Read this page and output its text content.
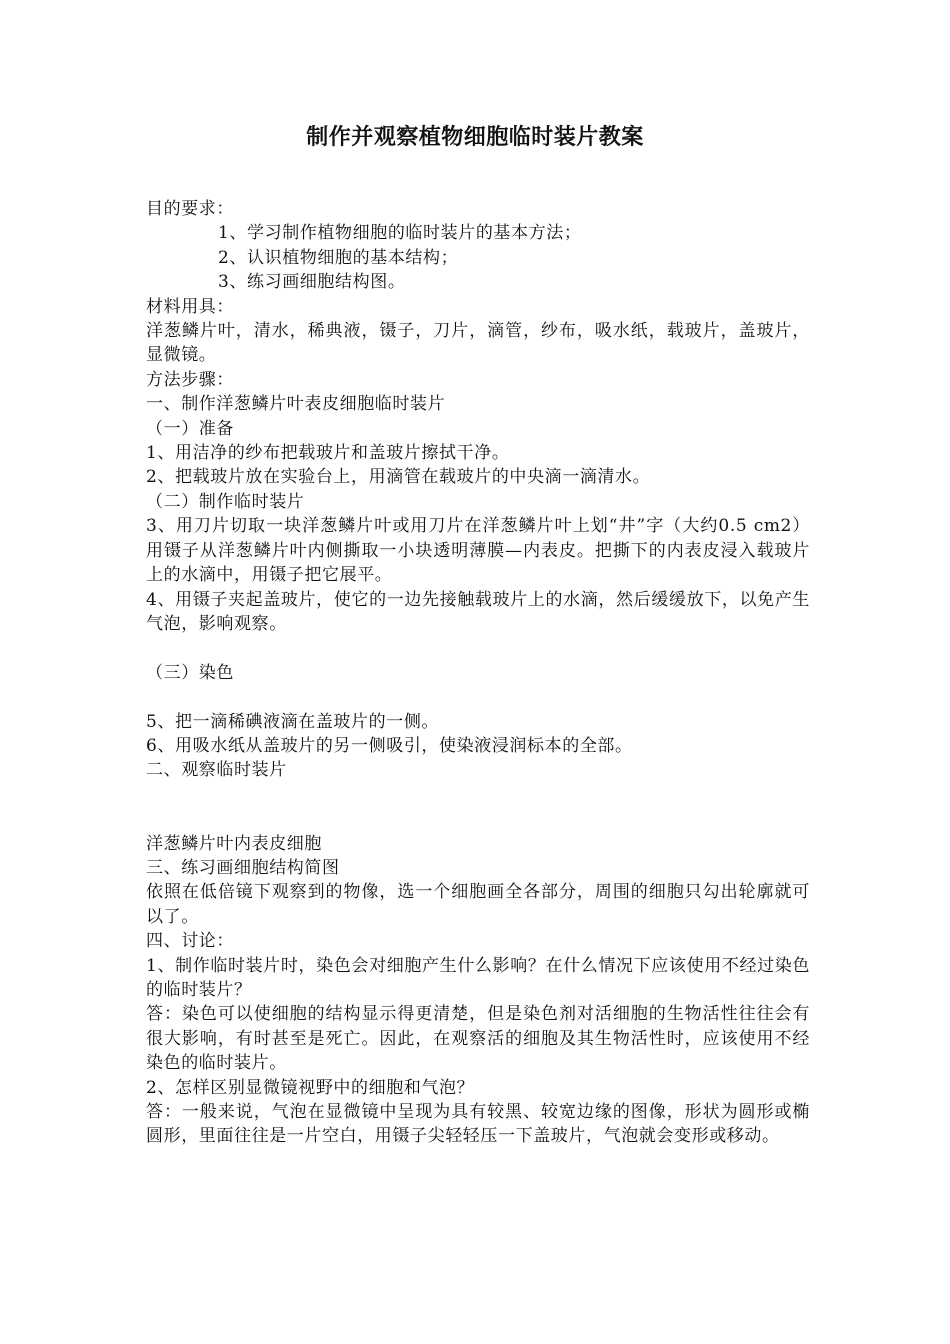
制作并观察植物细胞临时装片教案

目的要求：

1、学习制作植物细胞的临时装片的基本方法；

2、认识植物细胞的基本结构；

3、练习画细胞结构图。

材料用具：

洋葱鳞片叶，清水，稀典液，镊子，刀片，滴管，纱布，吸水纸，载玻片，盖玻片，显微镜。

方法步骤：

一、制作洋葱鳞片叶表皮细胞临时装片

（一）准备

1、用洁净的纱布把载玻片和盖玻片擦拭干净。

2、把载玻片放在实验台上，用滴管在载玻片的中央滴一滴清水。

（二）制作临时装片

3、用刀片切取一块洋葱鳞片叶或用刀片在洋葱鳞片叶上划“井”字（大约0.5 cm2）用镊子从洋葱鳞片叶内侧撕取一小块透明薄膜—内表皮。把撕下的内表皮浸入载玻片上的水滴中，用镊子把它展平。

4、用镊子夹起盖玻片，使它的一边先接触载玻片上的水滴，然后缓缓放下，以免产生气泡，影响观察。

（三）染色

5、把一滴稀碘液滴在盖玻片的一侧。

6、用吸水纸从盖玻片的另一侧吸引，使染液浸润标本的全部。

二、观察临时装片

洋葱鳞片叶内表皮细胞

三、练习画细胞结构简图

依照在低倍镜下观察到的物像，选一个细胞画全各部分，周围的细胞只勾出轮廓就可以了。

四、讨论：

1、制作临时装片时，染色会对细胞产生什么影响？在什么情况下应该使用不经过染色的临时装片？

答：染色可以使细胞的结构显示得更清楚，但是染色剂对活细胞的生物活性往往会有很大影响，有时甚至是死亡。因此，在观察活的细胞及其生物活性时，应该使用不经染色的临时装片。

2、怎样区别显微镜视野中的细胞和气泡？

答：一般来说，气泡在显微镜中呈现为具有较黑、较宽边缘的图像，形状为圆形或椭圆形，里面往往是一片空白，用镊子尖轻轻压一下盖玻片，气泡就会变形或移动。
